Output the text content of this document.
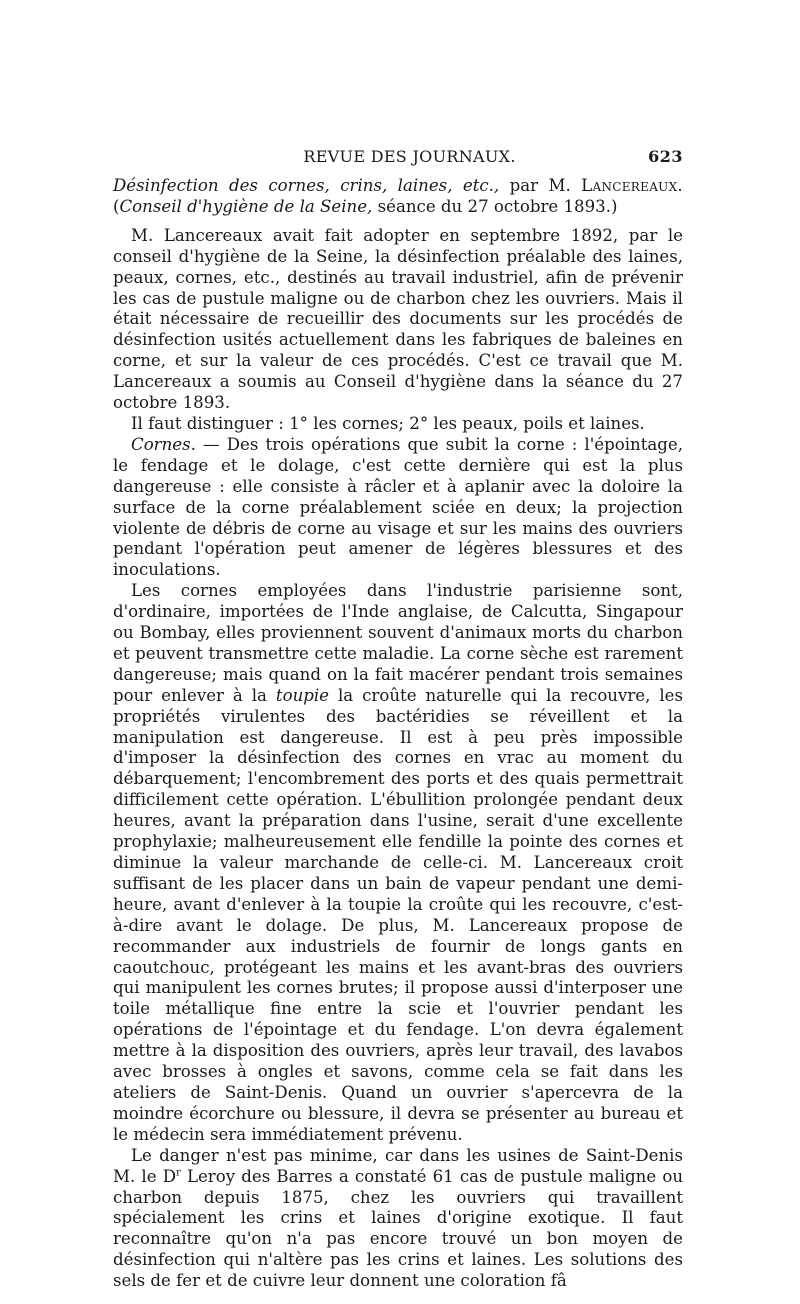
REVUE DES JOURNAUX.	623

Désinfection des cornes, crins, laines, etc., par M. Lancereaux. (Conseil d'hygiène de la Seine, séance du 27 octobre 1893.)

M. Lancereaux avait fait adopter en septembre 1892, par le conseil d'hygiène de la Seine, la désinfection préalable des laines, peaux, cornes, etc., destinés au travail industriel, afin de prévenir les cas de pustule maligne ou de charbon chez les ouvriers. Mais il était nécessaire de recueillir des documents sur les procédés de désinfection usités actuellement dans les fabriques de baleines en corne, et sur la valeur de ces procédés. C'est ce travail que M. Lancereaux a soumis au Conseil d'hygiène dans la séance du 27 octobre 1893.

Il faut distinguer : 1° les cornes; 2° les peaux, poils et laines.

Cornes. — Des trois opérations que subit la corne : l'épointage, le fendage et le dolage, c'est cette dernière qui est la plus dangereuse : elle consiste à râcler et à aplanir avec la doloire la surface de la corne préalablement sciée en deux; la projection violente de débris de corne au visage et sur les mains des ouvriers pendant l'opération peut amener de légères blessures et des inoculations.

Les cornes employées dans l'industrie parisienne sont, d'ordinaire, importées de l'Inde anglaise, de Calcutta, Singapour ou Bombay, elles proviennent souvent d'animaux morts du charbon et peuvent transmettre cette maladie. La corne sèche est rarement dangereuse; mais quand on la fait macérer pendant trois semaines pour enlever à la toupie la croûte naturelle qui la recouvre, les propriétés virulentes des bactéridies se réveillent et la manipulation est dangereuse. Il est à peu près impossible d'imposer la désinfection des cornes en vrac au moment du débarquement; l'encombrement des ports et des quais permettrait difficilement cette opération. L'ébullition prolongée pendant deux heures, avant la préparation dans l'usine, serait d'une excellente prophylaxie; malheureusement elle fendille la pointe des cornes et diminue la valeur marchande de celle-ci. M. Lancereaux croit suffisant de les placer dans un bain de vapeur pendant une demi-heure, avant d'enlever à la toupie la croûte qui les recouvre, c'est-à-dire avant le dolage. De plus, M. Lancereaux propose de recommander aux industriels de fournir de longs gants en caoutchouc, protégeant les mains et les avant-bras des ouvriers qui manipulent les cornes brutes; il propose aussi d'interposer une toile métallique fine entre la scie et l'ouvrier pendant les opérations de l'épointage et du fendage. L'on devra également mettre à la disposition des ouvriers, après leur travail, des lavabos avec brosses à ongles et savons, comme cela se fait dans les ateliers de Saint-Denis. Quand un ouvrier s'apercevra de la moindre écorchure ou blessure, il devra se présenter au bureau et le médecin sera immédiatement prévenu.

Le danger n'est pas minime, car dans les usines de Saint-Denis M. le $D^r$ Leroy des Barres a constaté 61 cas de pustule maligne ou charbon depuis 1875, chez les ouvriers qui travaillent spécialement les crins et laines d'origine exotique. Il faut reconnaître qu'on n'a pas encore trouvé un bon moyen de désinfection qui n'altère pas les crins et laines. Les solutions des sels de fer et de cuivre leur donnent une coloration fâ
